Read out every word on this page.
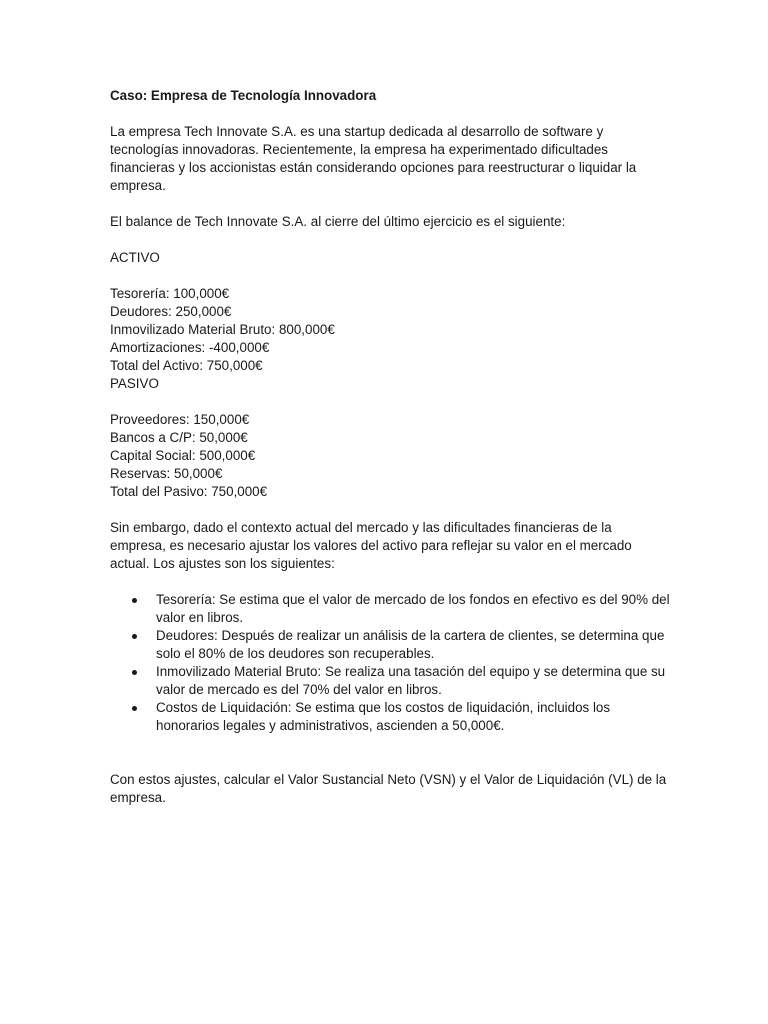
Caso: Empresa de Tecnología Innovadora

La empresa Tech Innovate S.A. es una startup dedicada al desarrollo de software y tecnologías innovadoras. Recientemente, la empresa ha experimentado dificultades financieras y los accionistas están considerando opciones para reestructurar o liquidar la empresa.

El balance de Tech Innovate S.A. al cierre del último ejercicio es el siguiente:

ACTIVO

Tesorería: 100,000€
Deudores: 250,000€
Inmovilizado Material Bruto: 800,000€
Amortizaciones: -400,000€
Total del Activo: 750,000€

PASIVO

Proveedores: 150,000€
Bancos a C/P: 50,000€
Capital Social: 500,000€
Reservas: 50,000€
Total del Pasivo: 750,000€

Sin embargo, dado el contexto actual del mercado y las dificultades financieras de la empresa, es necesario ajustar los valores del activo para reflejar su valor en el mercado actual. Los ajustes son los siguientes:

Tesorería: Se estima que el valor de mercado de los fondos en efectivo es del 90% del valor en libros.
Deudores: Después de realizar un análisis de la cartera de clientes, se determina que solo el 80% de los deudores son recuperables.
Inmovilizado Material Bruto: Se realiza una tasación del equipo y se determina que su valor de mercado es del 70% del valor en libros.
Costos de Liquidación: Se estima que los costos de liquidación, incluidos los honorarios legales y administrativos, ascienden a 50,000€.

Con estos ajustes, calcular el Valor Sustancial Neto (VSN) y el Valor de Liquidación (VL) de la empresa.
